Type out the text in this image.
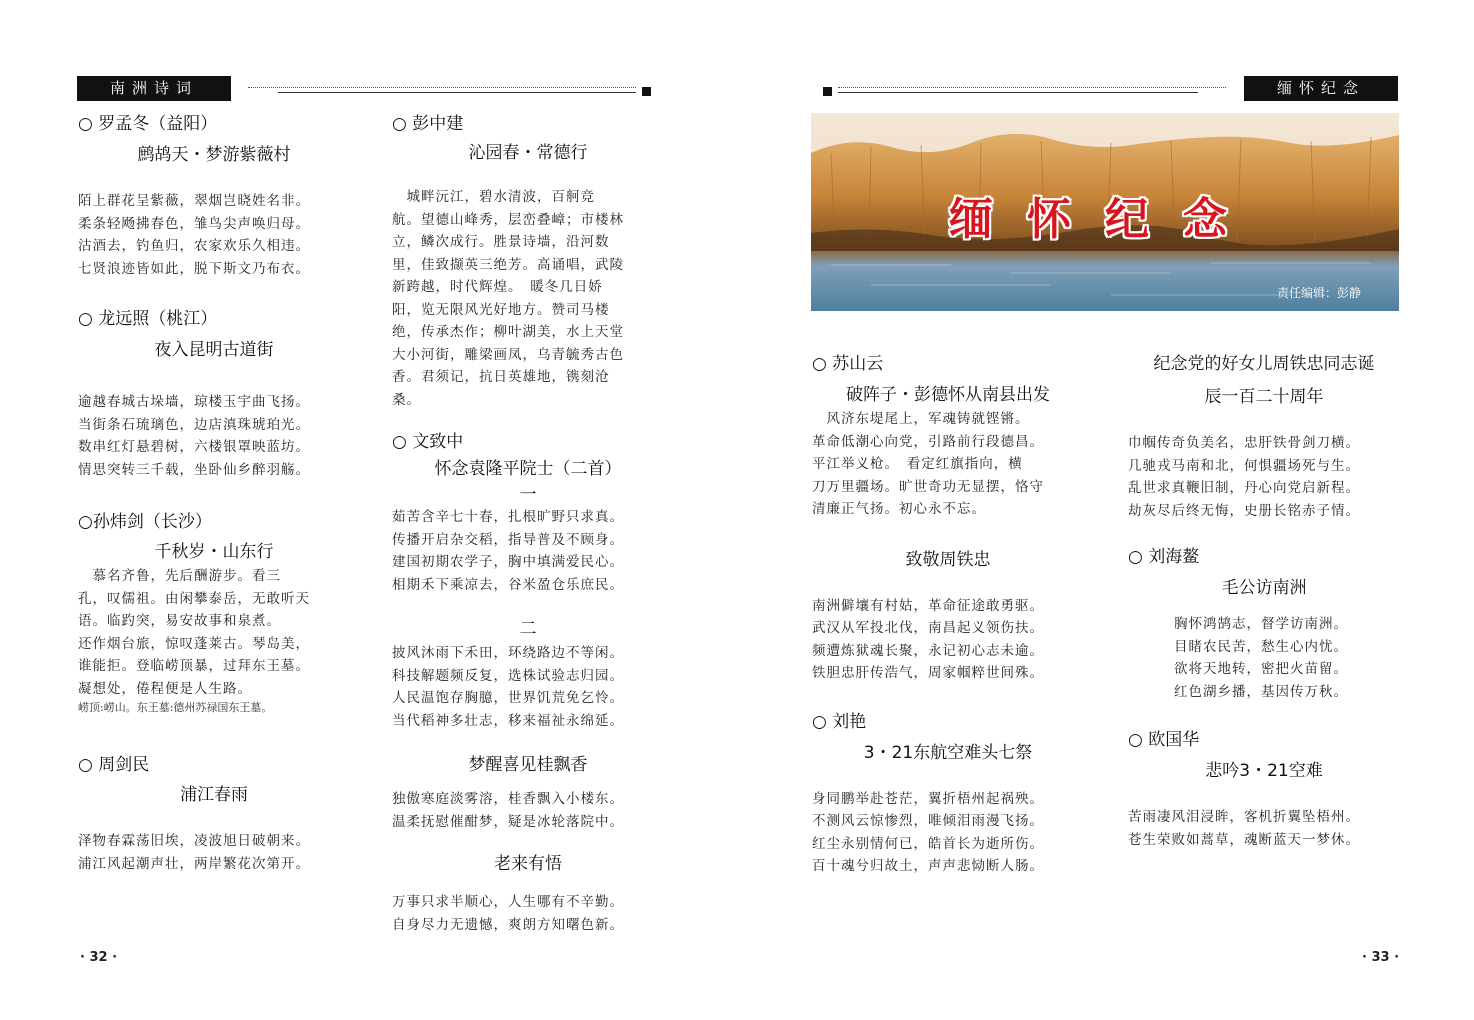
南洲诗词	缅怀纪念
○ 罗孟冬（益阳）
鹧鸪天・梦游紫薇村
陌上群花呈紫薇，翠烟岂晓姓名非。
柔条轻飏拂春色，雏鸟尖声唤归母。
沽酒去，钓鱼归，农家欢乐久相违。
七贤浪迹皆如此，脱下斯文乃布衣。
○ 龙远照（桃江）
夜入昆明古道街
逾越春城古垛墙，琼楼玉宇曲飞扬。
当街条石琉璃色，边店滇珠琥珀光。
数串红灯悬碧树，六楼银罩映蓝坊。
情思突转三千载，坐卧仙乡醉羽觞。
○孙炜剑（长沙）
千秋岁・山东行
　慕名齐鲁，先后酬游步。看三
孔，叹儒祖。由闲攀泰岳，无敢听天
语。临趵突，易安故事和泉煮。
还作烟台旅，惊叹蓬莱古。琴岛美，
谁能拒。登临崂顶暴，过拜东王墓。
凝想处，倦程便是人生路。
崂顶:崂山。东王墓:德州苏禄国东王墓。
○ 周剑民
浦江春雨
泽物春霖荡旧埃，凌波旭日破朝来。
浦江风起潮声壮，两岸繁花次第开。
○ 彭中建
沁园春・常德行
　城畔沅江，碧水清波，百舸竞
航。望德山峰秀，层峦叠嶂；市楼林
立，鳞次成行。胜景诗墙，沿河数
里，佳致撷英三绝芳。高诵唱，武陵
新跨越，时代辉煌。　暖冬几日娇
阳，览无限风光好地方。赞司马楼
绝，传承杰作；柳叶湖美，水上天堂
大小河街，雕梁画凤，乌青毓秀古色
香。君须记，抗日英雄地，镌刻沧
桑。
○ 文致中
怀念袁隆平院士（二首）
一
茹苦含辛七十春，扎根旷野只求真。
传播开启杂交稻，指导普及不顾身。
建国初期农学子，胸中填满爱民心。
相期禾下乘凉去，谷米盈仓乐庶民。
二
披风沐雨下禾田，环绕路边不等闲。
科技解题频反复，选株试验志归园。
人民温饱存胸臆，世界饥荒免乞怜。
当代稻神多壮志，移来福祉永绵延。
梦醒喜见桂飘香
独傲寒庭淡雾溶，桂香飘入小楼东。
温柔抚慰催酣梦，疑是冰轮落院中。
老来有悟
万事只求半顺心，人生哪有不辛勤。
自身尽力无遗憾，爽朗方知曙色新。
缅怀纪念
责任编辑：彭静
○ 苏山云
破阵子・彭德怀从南县出发
　风济东堤尾上，军魂铸就铿锵。
革命低潮心向党，引路前行段德昌。
平江举义枪。　看定红旗指向，横
刀万里疆场。旷世奇功无显摆，恪守
清廉正气扬。初心永不忘。
致敬周铁忠
南洲僻壤有村姑，革命征途敢勇驱。
武汉从军投北伐，南昌起义领伤扶。
频遭炼狱魂长聚，永记初心志未逾。
铁胆忠肝传浩气，周家帼粹世间殊。
○ 刘艳
3・21东航空难头七祭
身同鹏举赴苍茫，翼折梧州起祸殃。
不测风云惊惨烈，唯倾泪雨漫飞扬。
红尘永别情何已，皓首长为逝所伤。
百十魂兮归故土，声声悲恸断人肠。
纪念党的好女儿周铁忠同志诞
辰一百二十周年
巾帼传奇负美名，忠肝铁骨剑刀横。
几驰戎马南和北，何惧疆场死与生。
乱世求真鞭旧制，丹心向党启新程。
劫灰尽后终无悔，史册长铭赤子情。
○ 刘海鳌
毛公访南洲
胸怀鸿鹄志，督学访南洲。
目睹农民苦，愁生心内忧。
欲将天地转，密把火苗留。
红色湖乡播，基因传万秋。
○ 欧国华
悲吟3・21空难
苦雨凄风泪浸眸，客机折翼坠梧州。
苍生荣败如蒿草，魂断蓝天一梦休。
· 32 ·	· 33 ·
